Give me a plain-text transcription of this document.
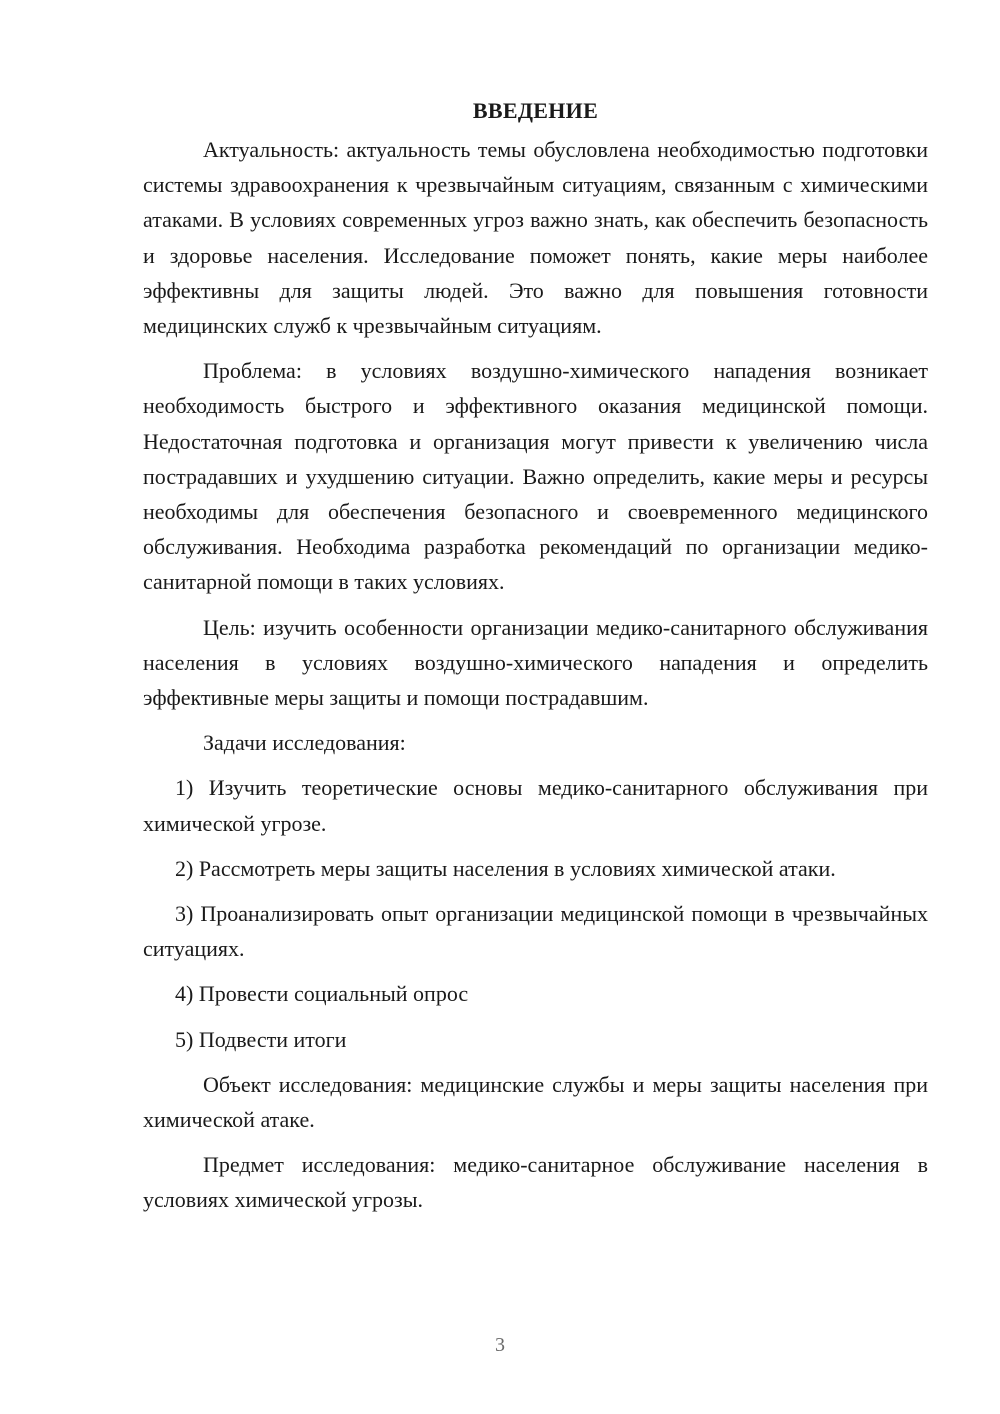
ВВЕДЕНИЕ

Актуальность: актуальность темы обусловлена необходимостью подготовки системы здравоохранения к чрезвычайным ситуациям, связанным с химическими атаками. В условиях современных угроз важно знать, как обеспечить безопасность и здоровье населения. Исследование поможет понять, какие меры наиболее эффективны для защиты людей. Это важно для повышения готовности медицинских служб к чрезвычайным ситуациям.

Проблема: в условиях воздушно-химического нападения возникает необходимость быстрого и эффективного оказания медицинской помощи. Недостаточная подготовка и организация могут привести к увеличению числа пострадавших и ухудшению ситуации. Важно определить, какие меры и ресурсы необходимы для обеспечения безопасного и своевременного медицинского обслуживания. Необходима разработка рекомендаций по организации медико-санитарной помощи в таких условиях.

Цель: изучить особенности организации медико-санитарного обслуживания населения в условиях воздушно-химического нападения и определить эффективные меры защиты и помощи пострадавшим.

Задачи исследования:

1) Изучить теоретические основы медико-санитарного обслуживания при химической угрозе.

2) Рассмотреть меры защиты населения в условиях химической атаки.

3) Проанализировать опыт организации медицинской помощи в чрезвычайных ситуациях.

4) Провести социальный опрос

5) Подвести итоги

Объект исследования: медицинские службы и меры защиты населения при химической атаке.

Предмет исследования: медико-санитарное обслуживание населения в условиях химической угрозы.

3
